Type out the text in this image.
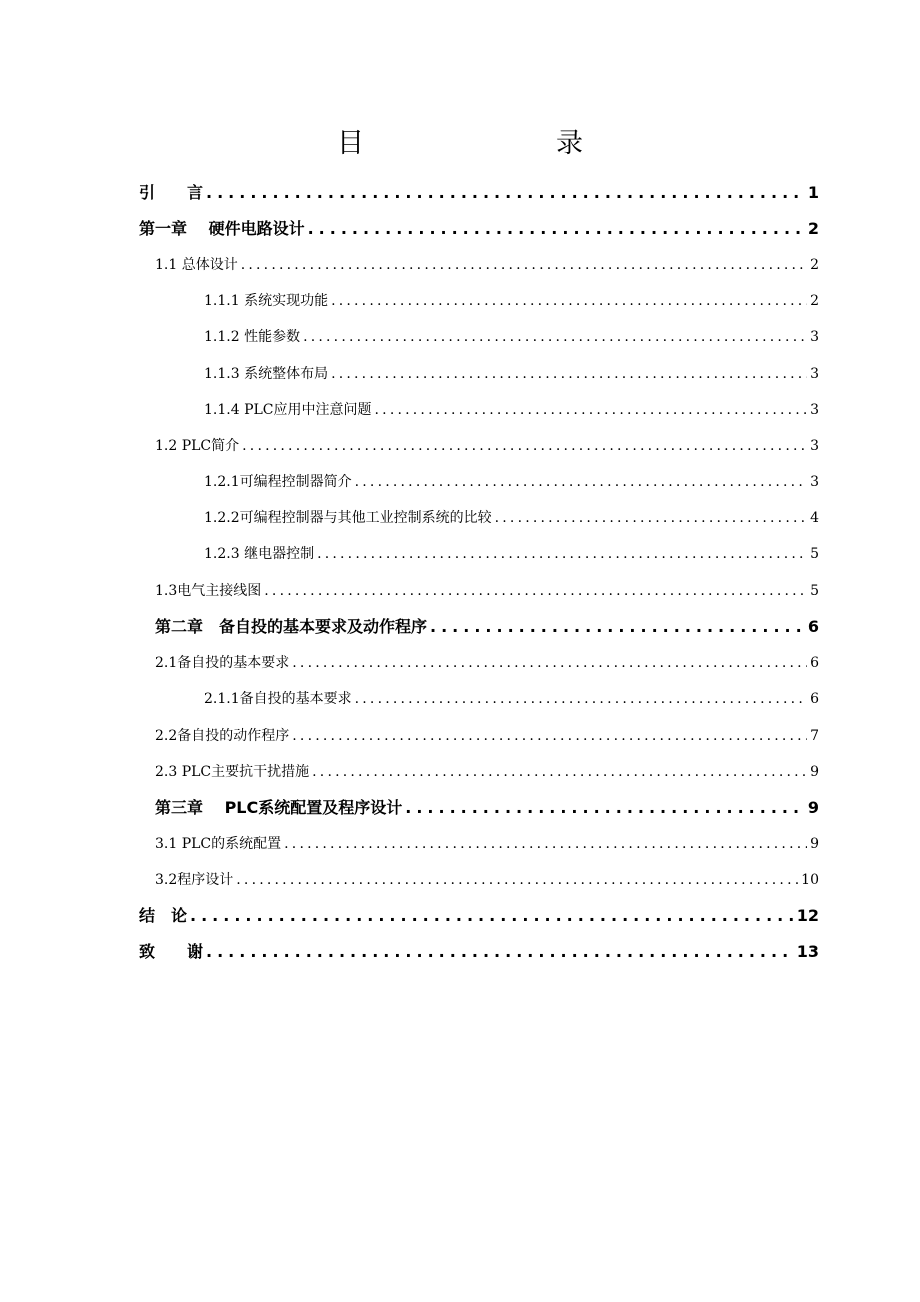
目　　录
引　　言 .....	1
第一章　 硬件电路设计 .....	2
1.1 总体设计 .....	2
1.1.1 系统实现功能 .....	2
1.1.2 性能参数 .....	3
1.1.3 系统整体布局 .....	3
1.1.4 PLC应用中注意问题 .....	3
1.2 PLC简介 .....	3
1.2.1可编程控制器简介 .....	3
1.2.2可编程控制器与其他工业控制系统的比较 .....	4
1.2.3 继电器控制 .....	5
1.3电气主接线图 .....	5
第二章　备自投的基本要求及动作程序 .....	6
2.1备自投的基本要求 .....	6
2.1.1备自投的基本要求 .....	6
2.2备自投的动作程序 .....	7
2.3 PLC主要抗干扰措施 .....	9
第三章　 PLC系统配置及程序设计 .....	9
3.1 PLC的系统配置 .....	9
3.2程序设计 .....	10
结　论 .....	12
致　　谢 .....	13
